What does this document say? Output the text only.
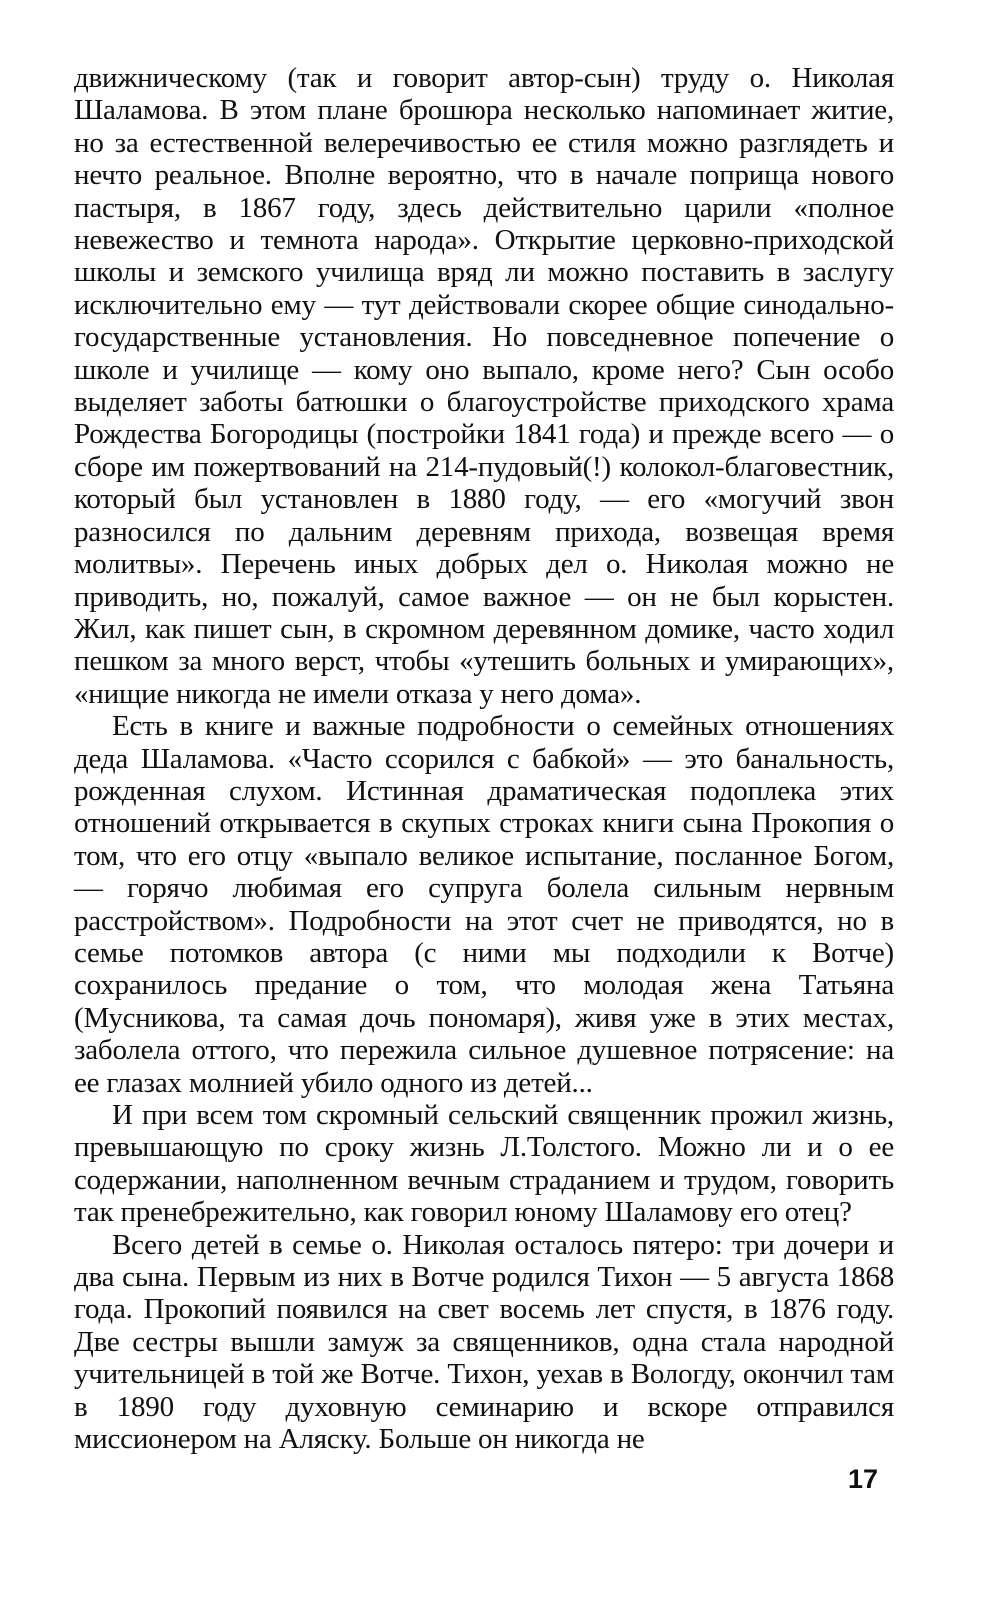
движническому (так и говорит автор-сын) труду о. Николая Шаламова. В этом плане брошюра несколько напоминает житие, но за естественной велеречивостью ее стиля можно разглядеть и нечто реальное. Вполне вероятно, что в начале поприща нового пастыря, в 1867 году, здесь действительно царили «полное невежество и темнота народа». Открытие церковно-приходской школы и земского училища вряд ли можно поставить в заслугу исключительно ему — тут действовали скорее общие синодально-государственные установления. Но повседневное попечение о школе и училище — кому оно выпало, кроме него? Сын особо выделяет заботы батюшки о благоустройстве приходского храма Рождества Богородицы (постройки 1841 года) и прежде всего — о сборе им пожертвований на 214-пудовый(!) колокол-благовестник, который был установлен в 1880 году, — его «могучий звон разносился по дальним деревням прихода, возвещая время молитвы». Перечень иных добрых дел о. Николая можно не приводить, но, пожалуй, самое важное — он не был корыстен. Жил, как пишет сын, в скромном деревянном домике, часто ходил пешком за много верст, чтобы «утешить больных и умирающих», «нищие никогда не имели отказа у него дома».

Есть в книге и важные подробности о семейных отношениях деда Шаламова. «Часто ссорился с бабкой» — это банальность, рожденная слухом. Истинная драматическая подоплека этих отношений открывается в скупых строках книги сына Прокопия о том, что его отцу «выпало великое испытание, посланное Богом, — горячо любимая его супруга болела сильным нервным расстройством». Подробности на этот счет не приводятся, но в семье потомков автора (с ними мы подходили к Вотче) сохранилось предание о том, что молодая жена Татьяна (Мусникова, та самая дочь пономаря), живя уже в этих местах, заболела оттого, что пережила сильное душевное потрясение: на ее глазах молнией убило одного из детей...

И при всем том скромный сельский священник прожил жизнь, превышающую по сроку жизнь Л.Толстого. Можно ли и о ее содержании, наполненном вечным страданием и трудом, говорить так пренебрежительно, как говорил юному Шаламову его отец?

Всего детей в семье о. Николая осталось пятеро: три дочери и два сына. Первым из них в Вотче родился Тихон — 5 августа 1868 года. Прокопий появился на свет восемь лет спустя, в 1876 году. Две сестры вышли замуж за священников, одна стала народной учительницей в той же Вотче. Тихон, уехав в Вологду, окончил там в 1890 году духовную семинарию и вскоре отправился миссионером на Аляску. Больше он никогда не

17
